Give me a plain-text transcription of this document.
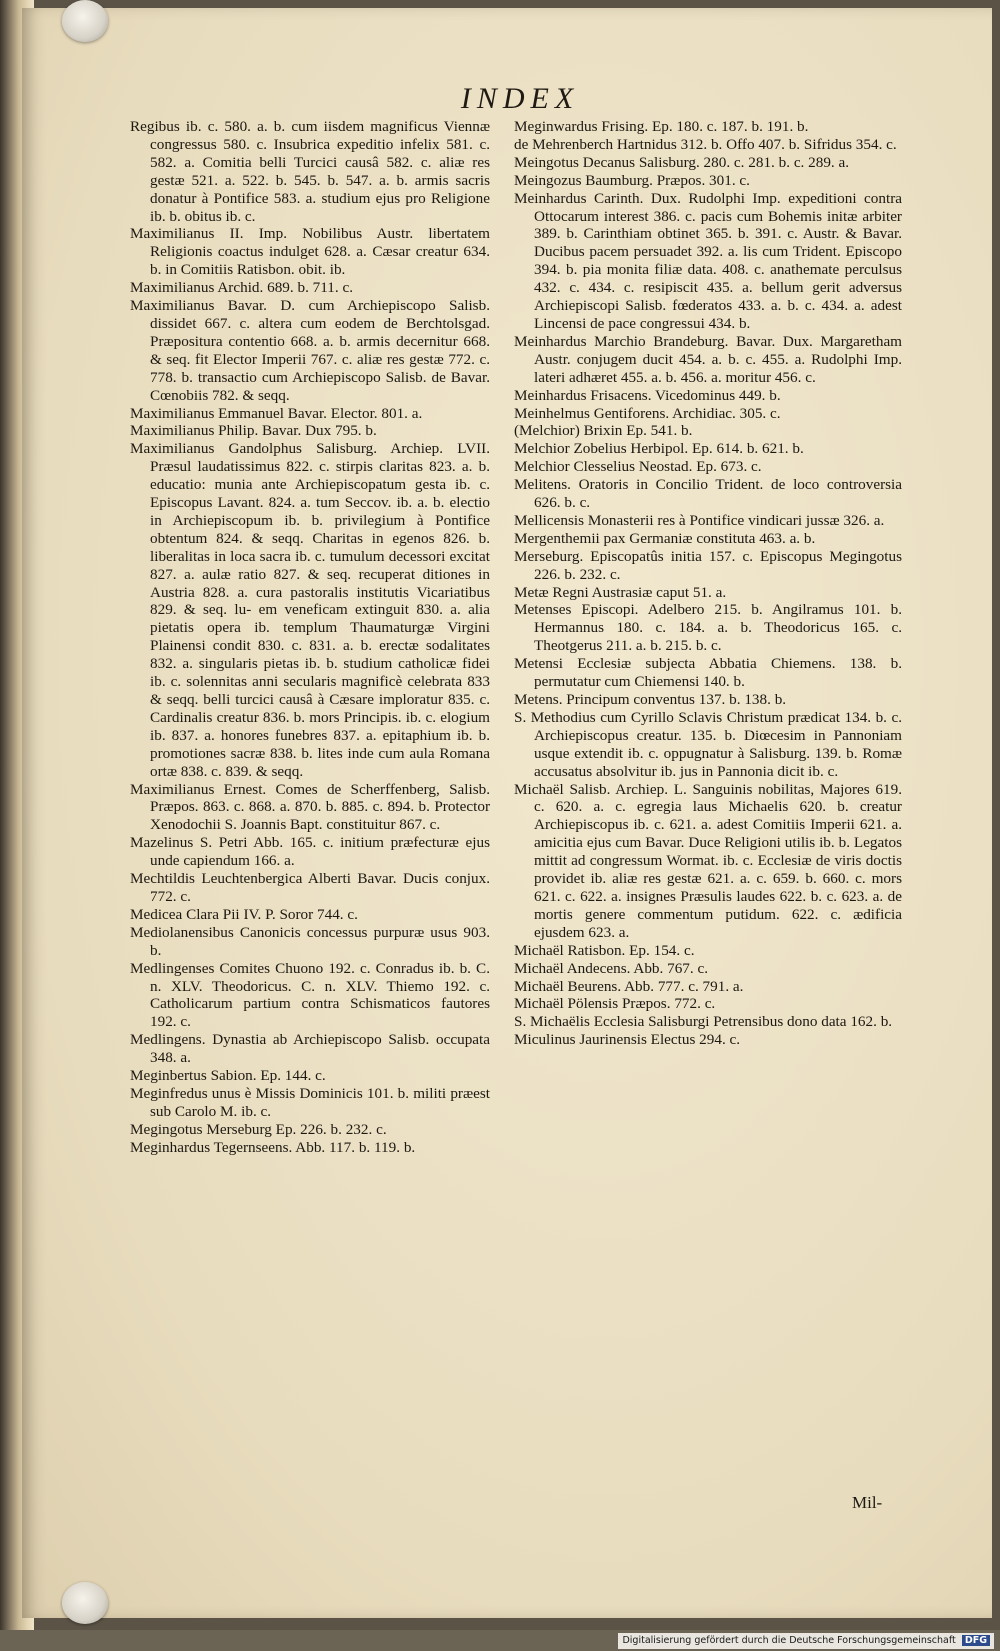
INDEX

Regibus ib. c. 580. a. b. cum iisdem magnificus Viennæ congressus 580. c. Insubrica expeditio infelix 581. c. 582. a. Comitia belli Turcici causâ 582. c. aliæ res gestæ 521. a. 522. b. 545. b. 547. a. b. armis sacris donatur à Pontifice 583. a. studium ejus pro Religione ib. b. obitus ib. c.

Maximilianus II. Imp. Nobilibus Austr. libertatem Religionis coactus indulget 628. a. Cæsar creatur 634. b. in Comitiis Ratisbon. obit. ib.

Maximilianus Archid. 689. b. 711. c.

Maximilianus Bavar. D. cum Archiepiscopo Salisb. dissidet 667. c. altera cum eodem de Berchtolsgad. Præpositura contentio 668. a. b. armis decernitur 668. & seq. fit Elector Imperii 767. c. aliæ res gestæ 772. c. 778. b. transactio cum Archiepiscopo Salisb. de Bavar. Cœnobiis 782. & seqq.

Maximilianus Emmanuel Bavar. Elector. 801. a.

Maximilianus Philip. Bavar. Dux 795. b.

Maximilianus Gandolphus Salisburg. Archiep. LVII. Præsul laudatissimus 822. c. stirpis claritas 823. a. b. educatio: munia ante Archiepiscopatum gesta ib. c. Episcopus Lavant. 824. a. tum Seccov. ib. a. b. electio in Archiepiscopum ib. b. privilegium à Pontifice obtentum 824. & seqq. Charitas in egenos 826. b. liberalitas in loca sacra ib. c. tumulum decessori excitat 827. a. aulæ ratio 827. & seq. recuperat ditiones in Austria 828. a. cura pastoralis institutis Vicariatibus 829. & seq. lu- em veneficam extinguit 830. a. alia pietatis opera ib. templum Thaumaturgæ Virgini Plainensi condit 830. c. 831. a. b. erectæ sodalitates 832. a. singularis pietas ib. b. studium catholicæ fidei ib. c. solennitas anni secularis magnificè celebrata 833 & seqq. belli turcici causâ à Cæsare imploratur 835. c. Cardinalis creatur 836. b. mors Principis. ib. c. elogium ib. 837. a. honores funebres 837. a. epitaphium ib. b. promotiones sacræ 838. b. lites inde cum aula Romana ortæ 838. c. 839. & seqq.

Maximilianus Ernest. Comes de Scherffenberg, Salisb. Præpos. 863. c. 868. a. 870. b. 885. c. 894. b. Protector Xenodochii S. Joannis Bapt. constituitur 867. c.

Mazelinus S. Petri Abb. 165. c. initium præfecturæ ejus unde capiendum 166. a.

Mechtildis Leuchtenbergica Alberti Bavar. Ducis conjux. 772. c.

Medicea Clara Pii IV. P. Soror 744. c.

Mediolanensibus Canonicis concessus purpuræ usus 903. b.

Medlingenses Comites Chuono 192. c. Conradus ib. b. C. n. XLV. Theodoricus. C. n. XLV. Thiemo 192. c. Catholicarum partium contra Schismaticos fautores 192. c.

Medlingens. Dynastia ab Archiepiscopo Salisb. occupata 348. a.

Meginbertus Sabion. Ep. 144. c.

Meginfredus unus è Missis Dominicis 101. b. militi præest sub Carolo M. ib. c.

Megingotus Merseburg Ep. 226. b. 232. c.

Meginhardus Tegernseens. Abb. 117. b. 119. b.

Meginwardus Frising. Ep. 180. c. 187. b. 191. b.

de Mehrenberch Hartnidus 312. b. Offo 407. b. Sifridus 354. c.

Meingotus Decanus Salisburg. 280. c. 281. b. c. 289. a.

Meingozus Baumburg. Præpos. 301. c.

Meinhardus Carinth. Dux. Rudolphi Imp. expeditioni contra Ottocarum interest 386. c. pacis cum Bohemis initæ arbiter 389. b. Carinthiam obtinet 365. b. 391. c. Austr. & Bavar. Ducibus pacem persuadet 392. a. lis cum Trident. Episcopo 394. b. pia monita filiæ data. 408. c. anathemate perculsus 432. c. 434. c. resipiscit 435. a. bellum gerit adversus Archiepiscopi Salisb. fœderatos 433. a. b. c. 434. a. adest Lincensi de pace congressui 434. b.

Meinhardus Marchio Brandeburg. Bavar. Dux. Margaretham Austr. conjugem ducit 454. a. b. c. 455. a. Rudolphi Imp. lateri adhæret 455. a. b. 456. a. moritur 456. c.

Meinhardus Frisacens. Vicedominus 449. b.

Meinhelmus Gentiforens. Archidiac. 305. c.

(Melchior) Brixin Ep. 541. b.

Melchior Zobelius Herbipol. Ep. 614. b. 621. b.

Melchior Clesselius Neostad. Ep. 673. c.

Melitens. Oratoris in Concilio Trident. de loco controversia 626. b. c.

Mellicensis Monasterii res à Pontifice vindicari jussæ 326. a.

Mergenthemii pax Germaniæ constituta 463. a. b.

Merseburg. Episcopatûs initia 157. c. Episcopus Megingotus 226. b. 232. c.

Metæ Regni Austrasiæ caput 51. a.

Metenses Episcopi. Adelbero 215. b. Angilramus 101. b. Hermannus 180. c. 184. a. b. Theodoricus 165. c. Theotgerus 211. a. b. 215. b. c.

Metensi Ecclesiæ subjecta Abbatia Chiemens. 138. b. permutatur cum Chiemensi 140. b.

Metens. Principum conventus 137. b. 138. b.

S. Methodius cum Cyrillo Sclavis Christum prædicat 134. b. c. Archiepiscopus creatur. 135. b. Diœcesim in Pannoniam usque extendit ib. c. oppugnatur à Salisburg. 139. b. Romæ accusatus absolvitur ib. jus in Pannonia dicit ib. c.

Michaël Salisb. Archiep. L. Sanguinis nobilitas, Majores 619. c. 620. a. c. egregia laus Michaelis 620. b. creatur Archiepiscopus ib. c. 621. a. adest Comitiis Imperii 621. a. amicitia ejus cum Bavar. Duce Religioni utilis ib. b. Legatos mittit ad congressum Wormat. ib. c. Ecclesiæ de viris doctis providet ib. aliæ res gestæ 621. a. c. 659. b. 660. c. mors 621. c. 622. a. insignes Præsulis laudes 622. b. c. 623. a. de mortis genere commentum putidum. 622. c. ædificia ejusdem 623. a.

Michaël Ratisbon. Ep. 154. c.

Michaël Andecens. Abb. 767. c.

Michaël Beurens. Abb. 777. c. 791. a.

Michaël Pölensis Præpos. 772. c.

S. Michaëlis Ecclesia Salisburgi Petrensibus dono data 162. b.

Miculinus Jaurinensis Electus 294. c.

Mil-
Digitalisierung gefördert durch die Deutsche Forschungsgemeinschaft DFG
